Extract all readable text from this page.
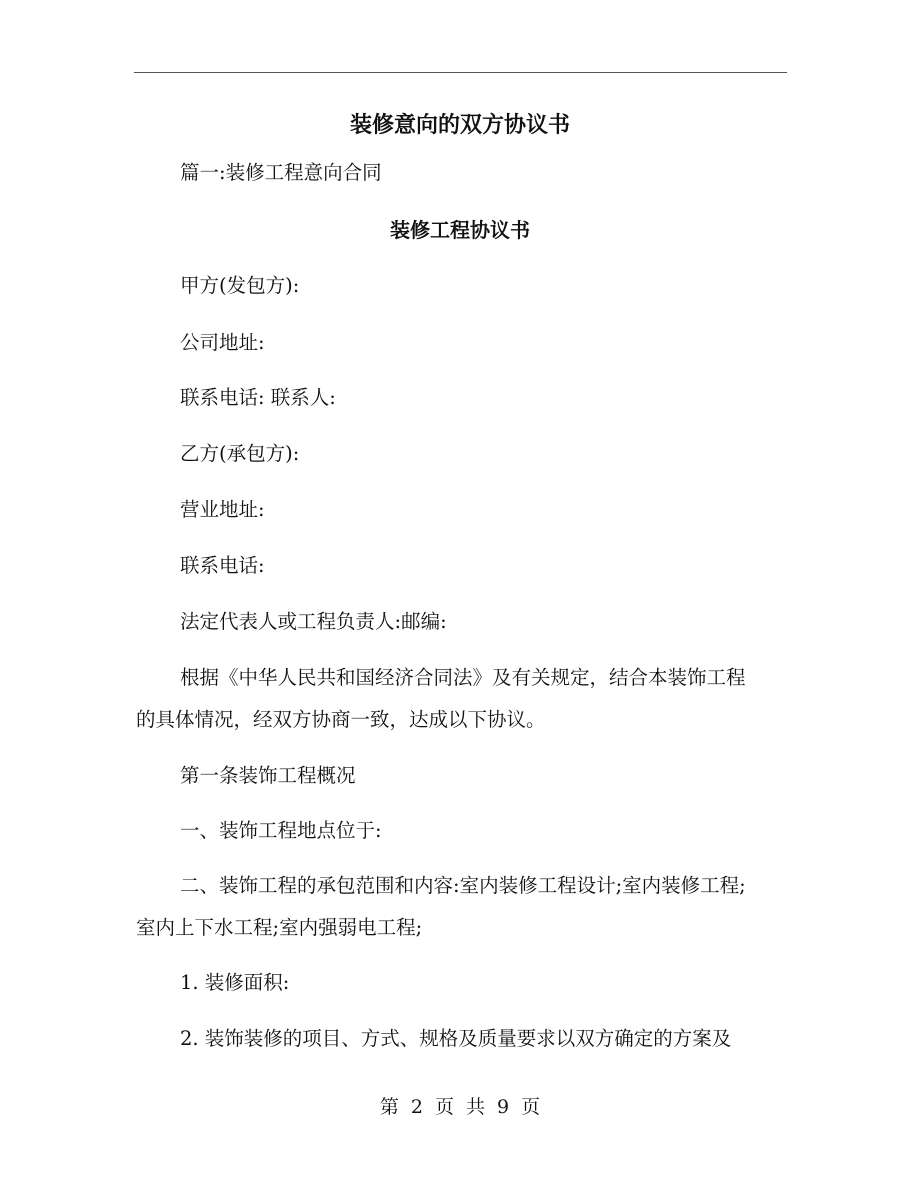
装修意向的双方协议书
篇一:装修工程意向合同
装修工程协议书
甲方(发包方):
公司地址:
联系电话: 联系人:
乙方(承包方):
营业地址:
联系电话:
法定代表人或工程负责人:邮编:
根据《中华人民共和国经济合同法》及有关规定，结合本装饰工程
的具体情况，经双方协商一致，达成以下协议。
第一条装饰工程概况
一、装饰工程地点位于:
二、装饰工程的承包范围和内容:室内装修工程设计;室内装修工程;
室内上下水工程;室内强弱电工程;
1. 装修面积:
2. 装饰装修的项目、方式、规格及质量要求以双方确定的方案及
第 2 页 共 9 页
